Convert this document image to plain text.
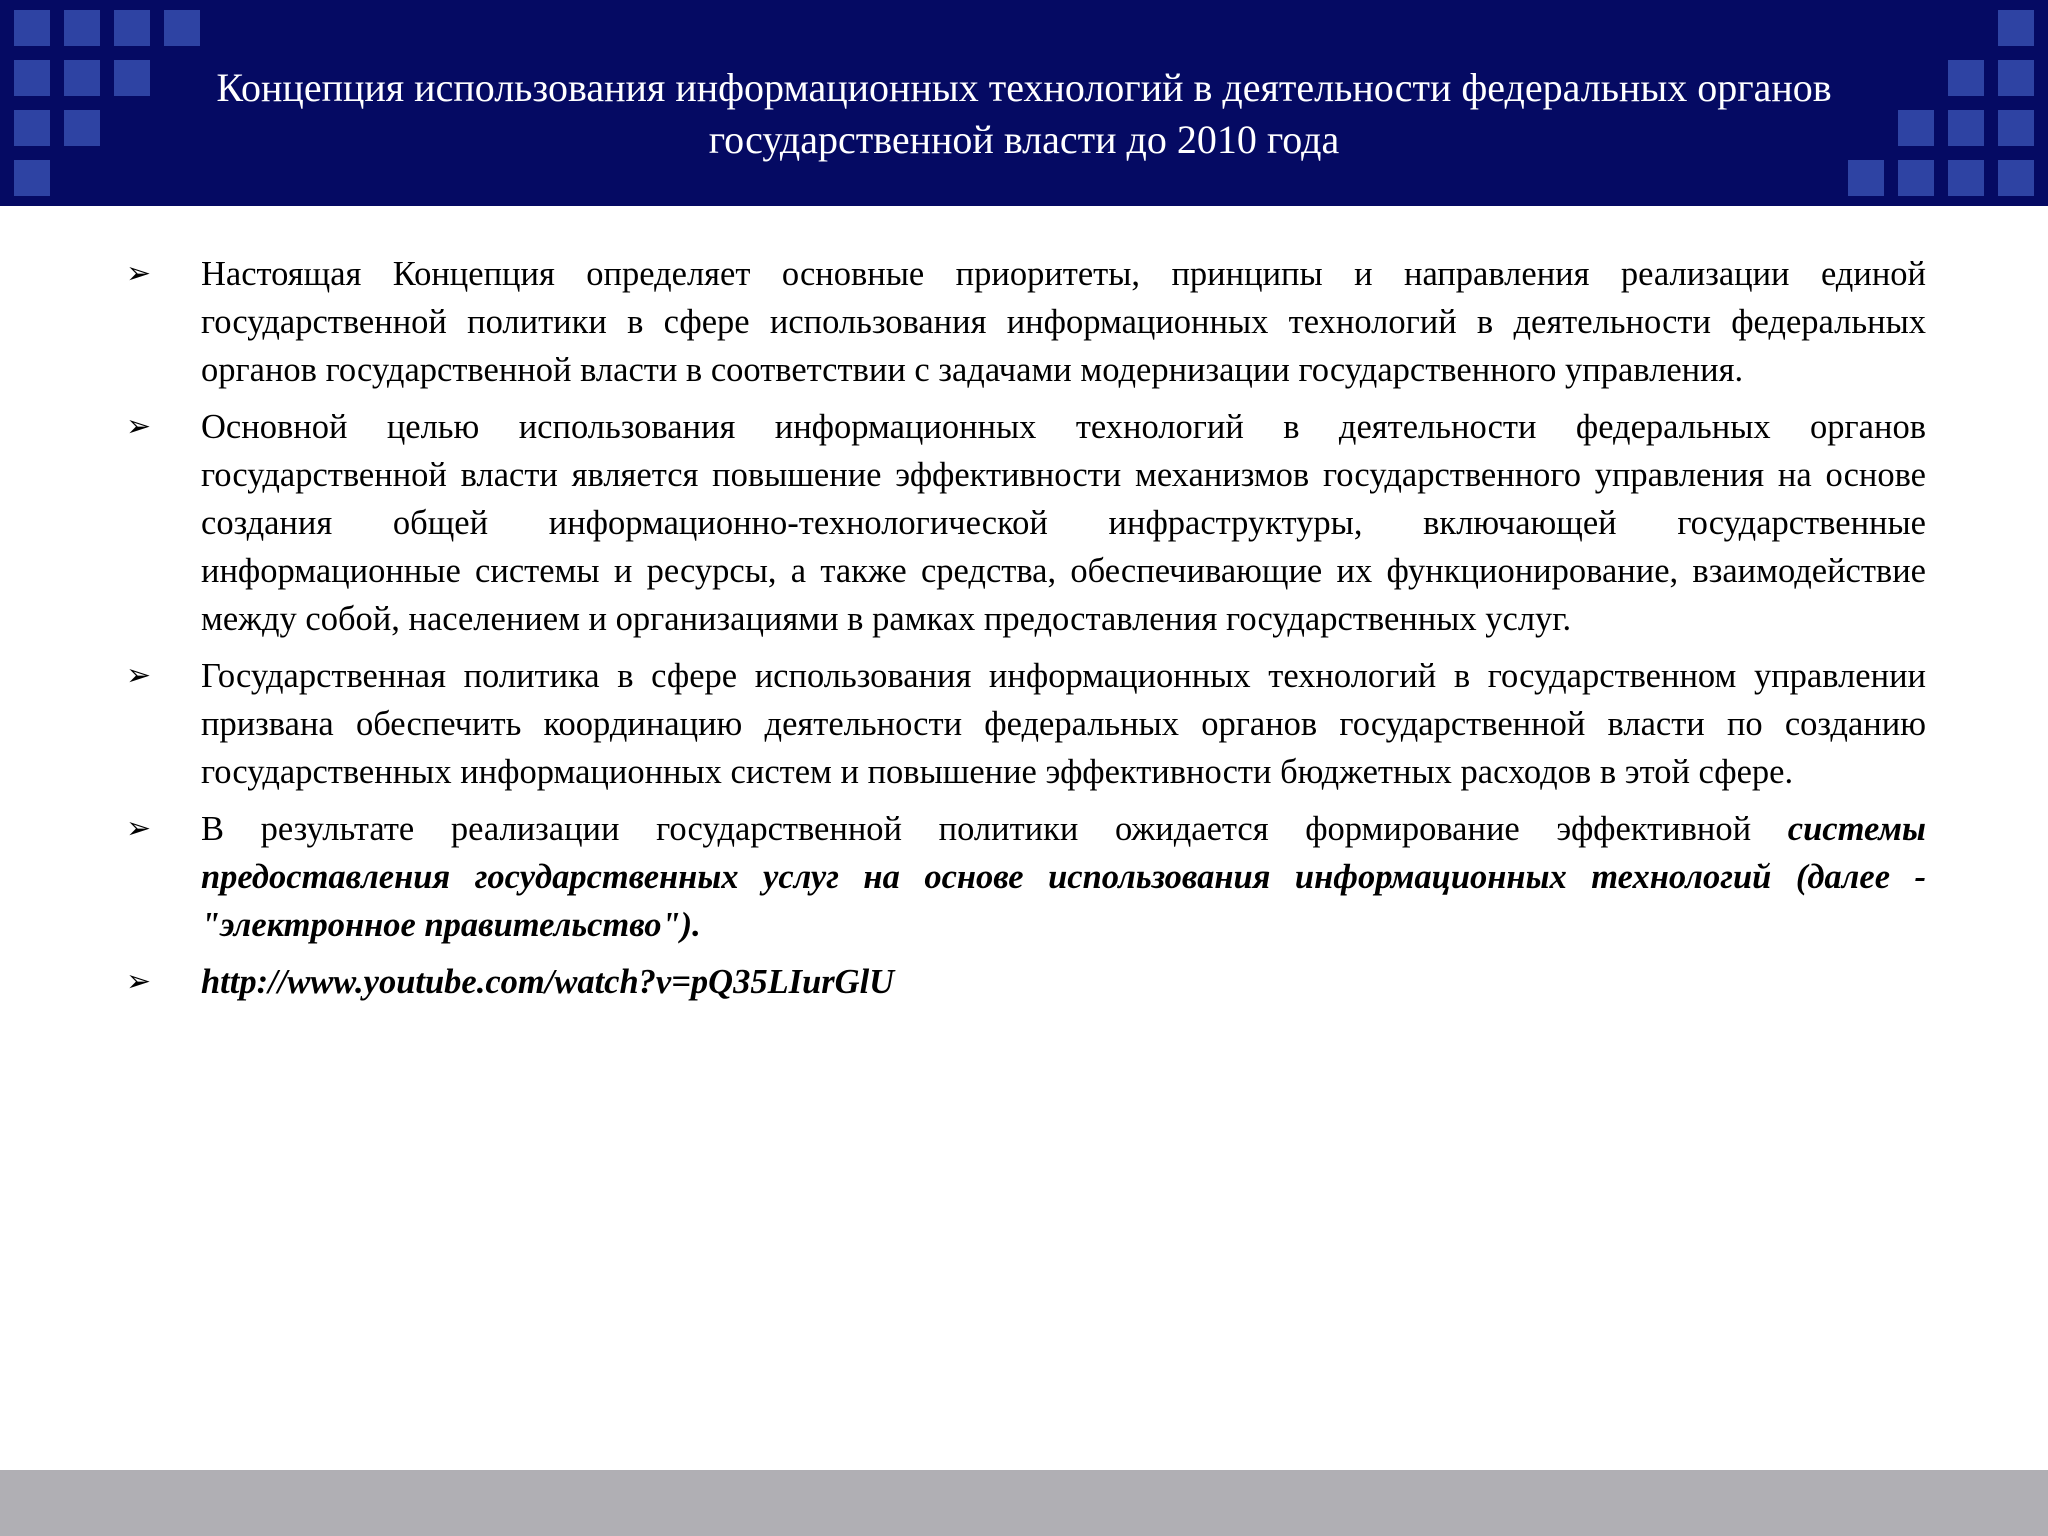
Концепция использования информационных технологий в деятельности федеральных органов государственной власти до 2010 года
➢	Настоящая Концепция определяет основные приоритеты, принципы и направления реализации единой государственной политики в сфере использования информационных технологий в деятельности федеральных органов государственной власти в соответствии с задачами модернизации государственного управления.
➢	Основной целью использования информационных технологий в деятельности федеральных органов государственной власти является повышение эффективности механизмов государственного управления на основе создания общей информационно-технологической инфраструктуры, включающей государственные информационные системы и ресурсы, а также средства, обеспечивающие их функционирование, взаимодействие между собой, населением и организациями в рамках предоставления государственных услуг.
➢	Государственная политика в сфере использования информационных технологий в государственном управлении призвана обеспечить координацию деятельности федеральных органов государственной власти по созданию государственных информационных систем и повышение эффективности бюджетных расходов в этой сфере.
➢	В результате реализации государственной политики ожидается формирование эффективной системы предоставления государственных услуг на основе использования информационных технологий (далее - "электронное правительство").
➢	http://www.youtube.com/watch?v=pQ35LIurGlU
